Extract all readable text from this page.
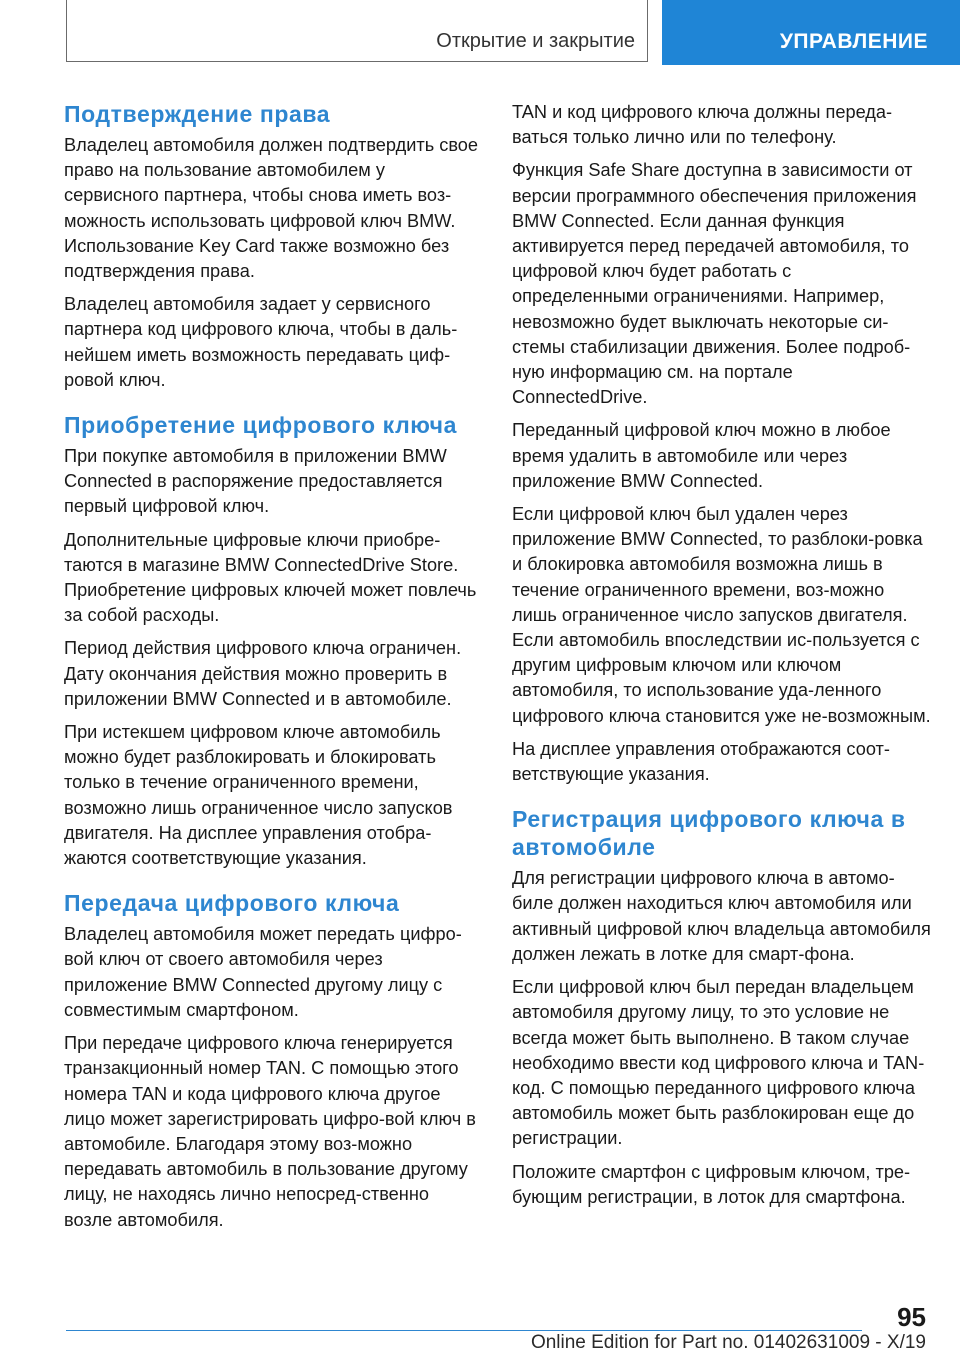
Открытие и закрытие	УПРАВЛЕНИЕ
Подтверждение права

Владелец автомобиля должен подтвердить свое право на пользование автомобилем у сервисного партнера, чтобы снова иметь воз-можность использовать цифровой ключ BMW. Использование Key Card также возможно без подтверждения права.

Владелец автомобиля задает у сервисного партнера код цифрового ключа, чтобы в даль-нейшем иметь возможность передавать циф-ровой ключ.

Приобретение цифрового ключа

При покупке автомобиля в приложении BMW Connected в распоряжение предоставляется первый цифровой ключ.

Дополнительные цифровые ключи приобре-таются в магазине BMW ConnectedDrive Store. Приобретение цифровых ключей может повлечь за собой расходы.

Период действия цифрового ключа ограничен. Дату окончания действия можно проверить в приложении BMW Connected и в автомобиле.

При истекшем цифровом ключе автомобиль можно будет разблокировать и блокировать только в течение ограниченного времени, возможно лишь ограниченное число запусков двигателя. На дисплее управления отобра-жаются соответствующие указания.

Передача цифрового ключа

Владелец автомобиля может передать цифро-вой ключ от своего автомобиля через приложение BMW Connected другому лицу с совместимым смартфоном.

При передаче цифрового ключа генерируется транзакционный номер TAN. С помощью этого номера TAN и кода цифрового ключа другое лицо может зарегистрировать цифро-вой ключ в автомобиле. Благодаря этому воз-можно передавать автомобиль в пользование другому лицу, не находясь лично непосред-ственно возле автомобиля.

TAN и код цифрового ключа должны переда-ваться только лично или по телефону.

Функция Safe Share доступна в зависимости от версии программного обеспечения приложения BMW Connected. Если данная функция активируется перед передачей автомобиля, то цифровой ключ будет работать с определенными ограничениями. Например, невозможно будет выключать некоторые си-стемы стабилизации движения. Более подроб-ную информацию см. на портале ConnectedDrive.

Переданный цифровой ключ можно в любое время удалить в автомобиле или через приложение BMW Connected.

Если цифровой ключ был удален через приложение BMW Connected, то разблоки-ровка и блокировка автомобиля возможна лишь в течение ограниченного времени, воз-можно лишь ограниченное число запусков двигателя. Если автомобиль впоследствии ис-пользуется с другим цифровым ключом или ключом автомобиля, то использование уда-ленного цифрового ключа становится уже не-возможным.

На дисплее управления отображаются соот-ветствующие указания.

Регистрация цифрового ключа в автомобиле

Для регистрации цифрового ключа в автомо-биле должен находиться ключ автомобиля или активный цифровой ключ владельца автомобиля должен лежать в лотке для смарт-фона.

Если цифровой ключ был передан владельцем автомобиля другому лицу, то это условие не всегда может быть выполнено. В таком случае необходимо ввести код цифрового ключа и TAN-код. С помощью переданного цифрового ключа автомобиль может быть разблокирован еще до регистрации.

Положите смартфон с цифровым ключом, тре-бующим регистрации, в лоток для смартфона.

95
Online Edition for Part no. 01402631009 - X/19
